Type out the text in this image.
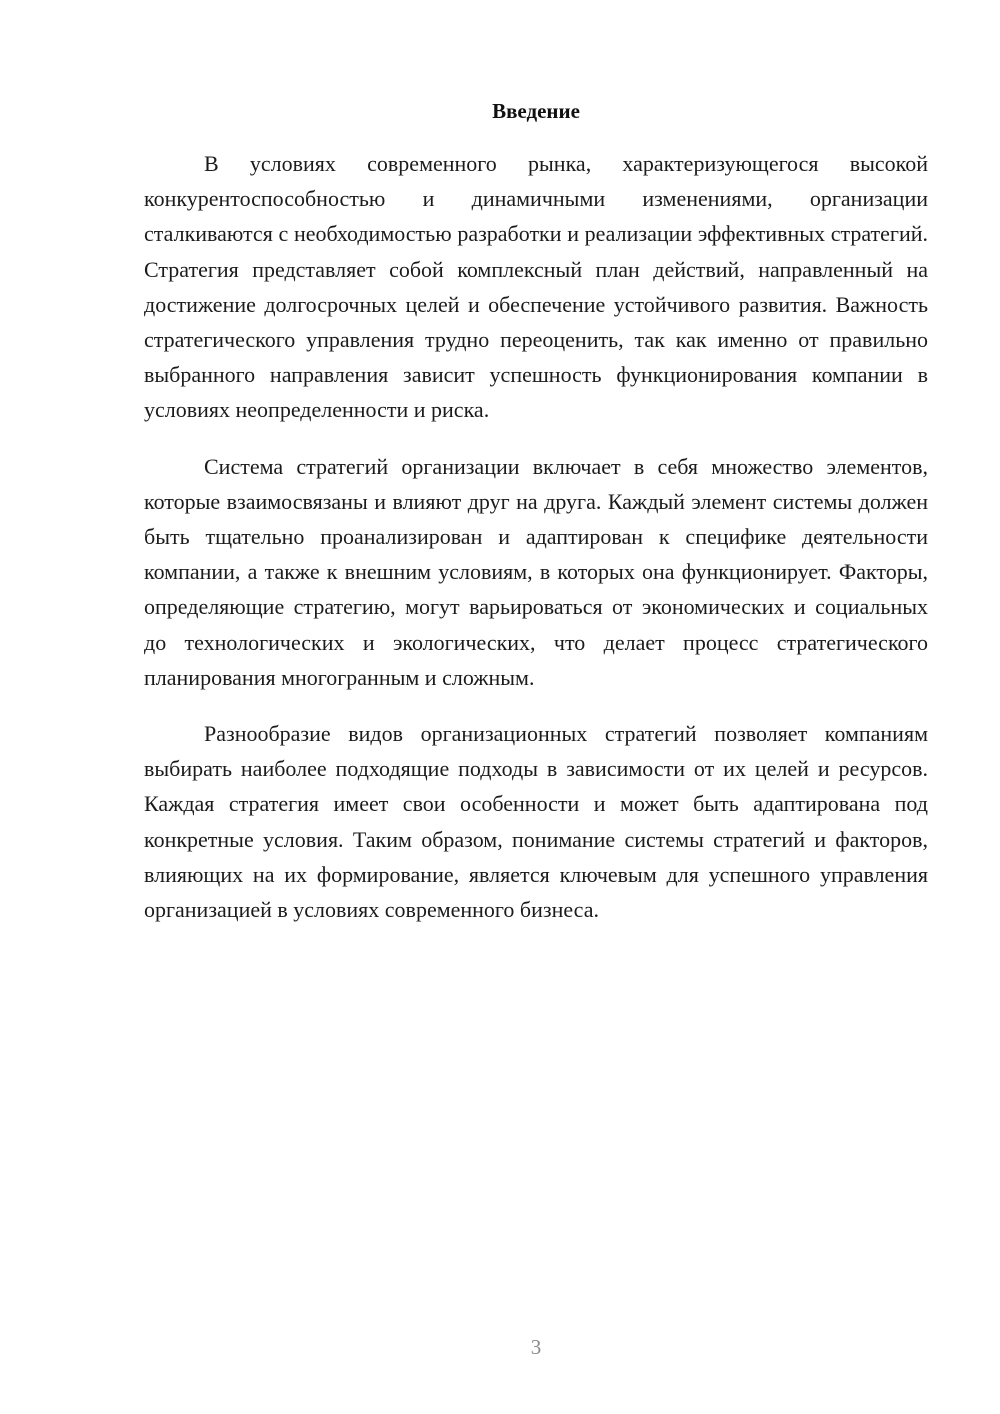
Введение

В условиях современного рынка, характеризующегося высокой конкурентоспособностью и динамичными изменениями, организации сталкиваются с необходимостью разработки и реализации эффективных стратегий. Стратегия представляет собой комплексный план действий, направленный на достижение долгосрочных целей и обеспечение устойчивого развития. Важность стратегического управления трудно переоценить, так как именно от правильно выбранного направления зависит успешность функционирования компании в условиях неопределенности и риска.

Система стратегий организации включает в себя множество элементов, которые взаимосвязаны и влияют друг на друга. Каждый элемент системы должен быть тщательно проанализирован и адаптирован к специфике деятельности компании, а также к внешним условиям, в которых она функционирует. Факторы, определяющие стратегию, могут варьироваться от экономических и социальных до технологических и экологических, что делает процесс стратегического планирования многогранным и сложным.

Разнообразие видов организационных стратегий позволяет компаниям выбирать наиболее подходящие подходы в зависимости от их целей и ресурсов. Каждая стратегия имеет свои особенности и может быть адаптирована под конкретные условия. Таким образом, понимание системы стратегий и факторов, влияющих на их формирование, является ключевым для успешного управления организацией в условиях современного бизнеса.

3
